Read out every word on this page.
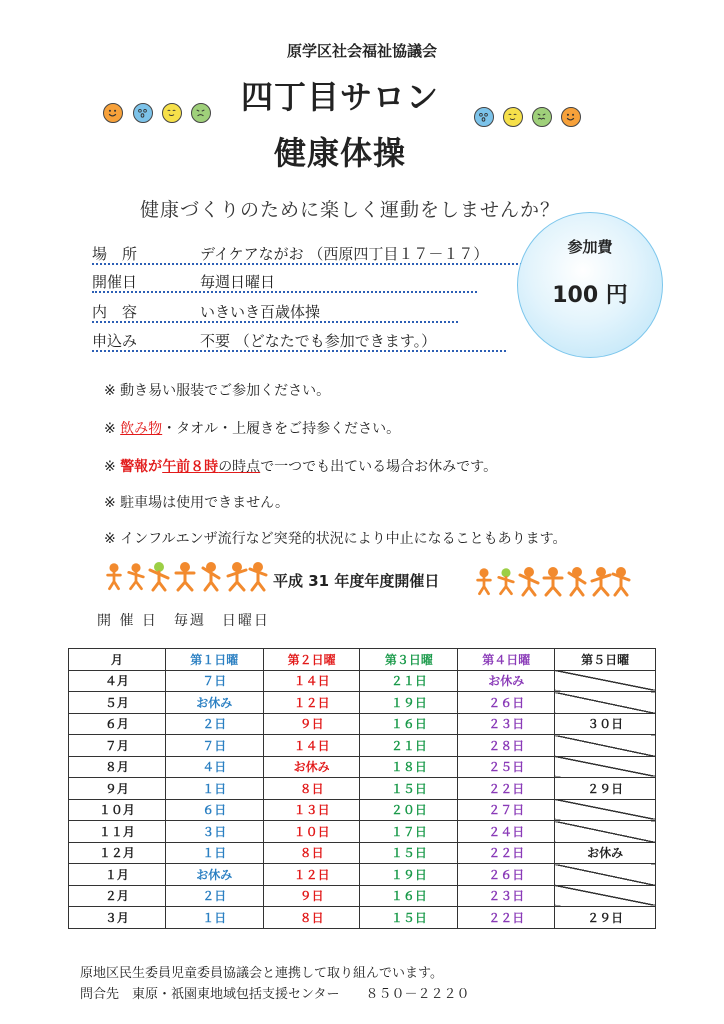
原学区社会福祉協議会
四丁目サロン
健康体操
健康づくりのために楽しく運動をしませんか？
場　所	デイケアながお （西原四丁目１７－１７）
開催日	毎週日曜日
内　容	いきいき百歳体操
申込み	不要 （どなたでも参加できます。）
参加費
100 円
※ 動き易い服装でご参加ください。
※ 飲み物・タオル・上履きをご持参ください。
※ 警報が午前８時の時点で一つでも出ている場合お休みです。
※ 駐車場は使用できません。
※ インフルエンザ流行など突発的状況により中止になることもあります。
平成 31 年度年度開催日
開 催 日　毎週　日曜日
月	第１日曜	第２日曜	第３日曜	第４日曜	第５日曜
４月	７日	１４日	２１日	お休み	
５月	お休み	１２日	１９日	２６日	
６月	２日	９日	１６日	２３日	３０日
７月	７日	１４日	２１日	２８日	
８月	４日	お休み	１８日	２５日	
９月	１日	８日	１５日	２２日	２９日
１０月	６日	１３日	２０日	２７日	
１１月	３日	１０日	１７日	２４日	
１２月	１日	８日	１５日	２２日	お休み
１月	お休み	１２日	１９日	２６日	
２月	２日	９日	１６日	２３日	
３月	１日	８日	１５日	２２日	２９日
原地区民生委員児童委員協議会と連携して取り組んでいます。
問合先　東原・祇園東地域包括支援センター　　８５０－２２２０
